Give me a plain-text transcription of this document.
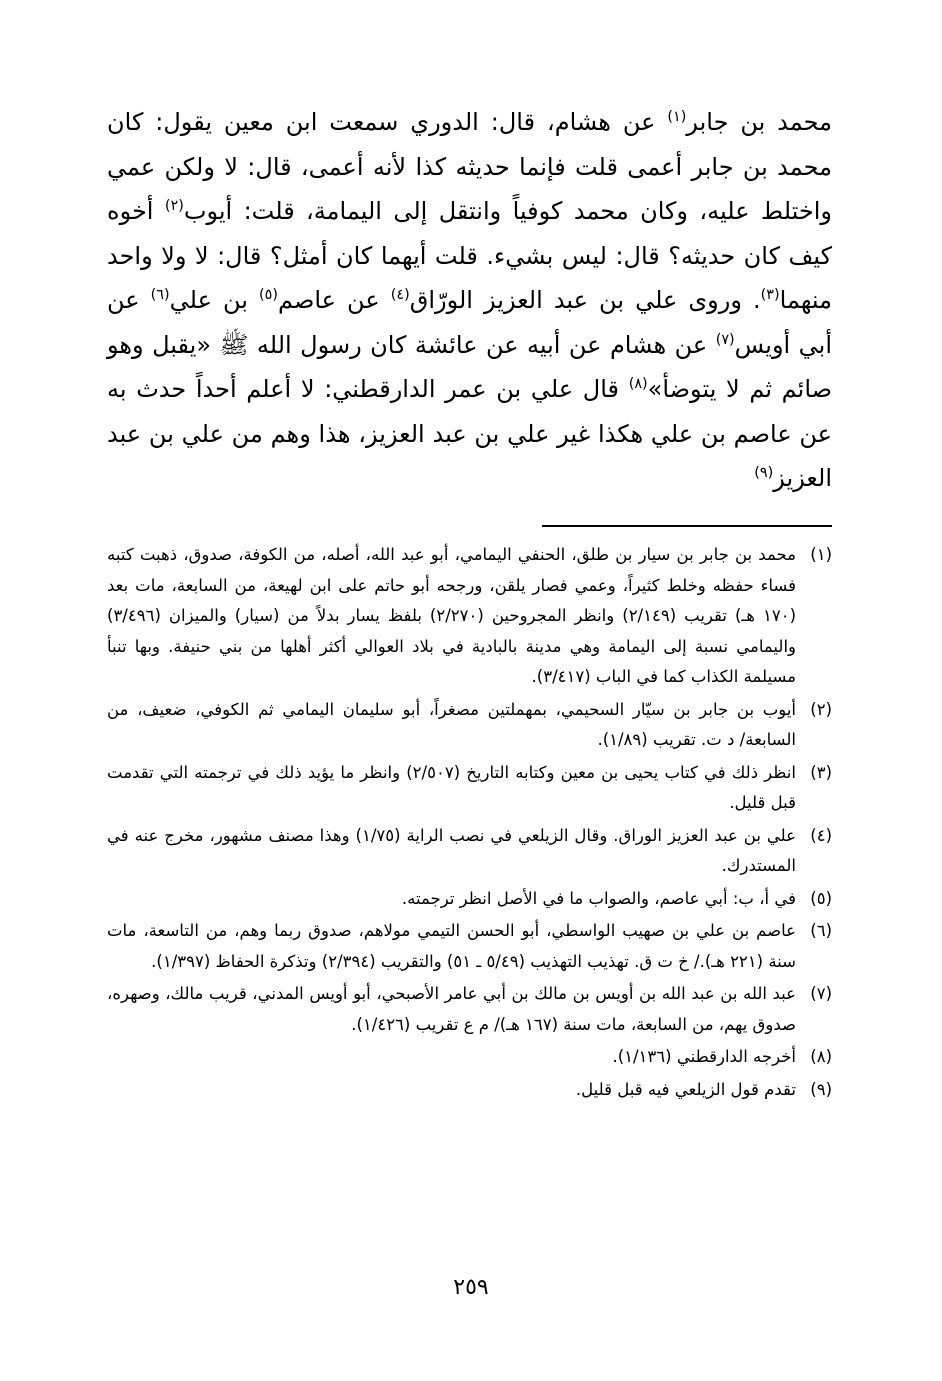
محمد بن جابر$^{(١)}$ عن هشام، قال: الدوري سمعت ابن معين يقول: كان محمد بن جابر أعمى قلت فإنما حديثه كذا لأنه أعمى، قال: لا ولكن عمي واختلط عليه، وكان محمد كوفياً وانتقل إلى اليمامة، قلت: أيوب$^{(٢)}$ أخوه كيف كان حديثه؟ قال: ليس بشيء. قلت أيهما كان أمثل؟ قال: لا ولا واحد منهما$^{(٣)}$. وروى علي بن عبد العزيز الورّاق$^{(٤)}$ عن عاصم$^{(٥)}$ بن علي$^{(٦)}$ عن أبي أويس$^{(٧)}$ عن هشام عن أبيه عن عائشة كان رسول الله ﷺ «يقبل وهو صائم ثم لا يتوضأ»$^{(٨)}$ قال علي بن عمر الدارقطني: لا أعلم أحداً حدث به عن عاصم بن علي هكذا غير علي بن عبد العزيز، هذا وهم من علي بن عبد العزيز$^{(٩)}$

(١)
محمد بن جابر بن سيار بن طلق، الحنفي اليمامي، أبو عبد الله، أصله، من الكوفة، صدوق، ذهبت كتبه فساء حفظه وخلط كثيراً، وعمي فصار يلقن، ورجحه أبو حاتم على ابن لهيعة، من السابعة، مات بعد (١٧٠ هـ) تقريب (٢/١٤٩) وانظر المجروحين (٢/٢٧٠) بلفظ يسار بدلاً من (سيار) والميزان (٣/٤٩٦) واليمامي نسبة إلى اليمامة وهي مدينة بالبادية في بلاد العوالي أكثر أهلها من بني حنيفة. وبها تنبأ مسيلمة الكذاب كما في الباب (٣/٤١٧).
(٢)
أيوب بن جابر بن سيّار السحيمي، بمهملتين مصغراً، أبو سليمان اليمامي ثم الكوفي، ضعيف، من السابعة/ د ت. تقريب (١/٨٩).
(٣)
انظر ذلك في كتاب يحيى بن معين وكتابه التاريخ (٢/٥٠٧) وانظر ما يؤيد ذلك في ترجمته التي تقدمت قبل قليل.
(٤)
علي بن عبد العزيز الوراق. وقال الزيلعي في نصب الراية (١/٧٥) وهذا مصنف مشهور، مخرج عنه في المستدرك.
(٥)
في أ، ب: أبي عاصم، والصواب ما في الأصل انظر ترجمته.
(٦)
عاصم بن علي بن صهيب الواسطي، أبو الحسن التيمي مولاهم، صدوق ربما وهم، من التاسعة، مات سنة (٢٢١ هـ)./ خ ت ق. تهذيب التهذيب (٥/٤٩ ـ ٥١) والتقريب (٢/٣٩٤) وتذكرة الحفاظ (١/٣٩٧).
(٧)
عبد الله بن عبد الله بن أويس بن مالك بن أبي عامر الأصبحي، أبو أويس المدني، قريب مالك، وصهره، صدوق يهم، من السابعة، مات سنة (١٦٧ هـ)/ م ع تقريب (١/٤٢٦).
(٨)
أخرجه الدارقطني (١/١٣٦).
(٩)
تقدم قول الزيلعي فيه قبل قليل.
٢٥٩
